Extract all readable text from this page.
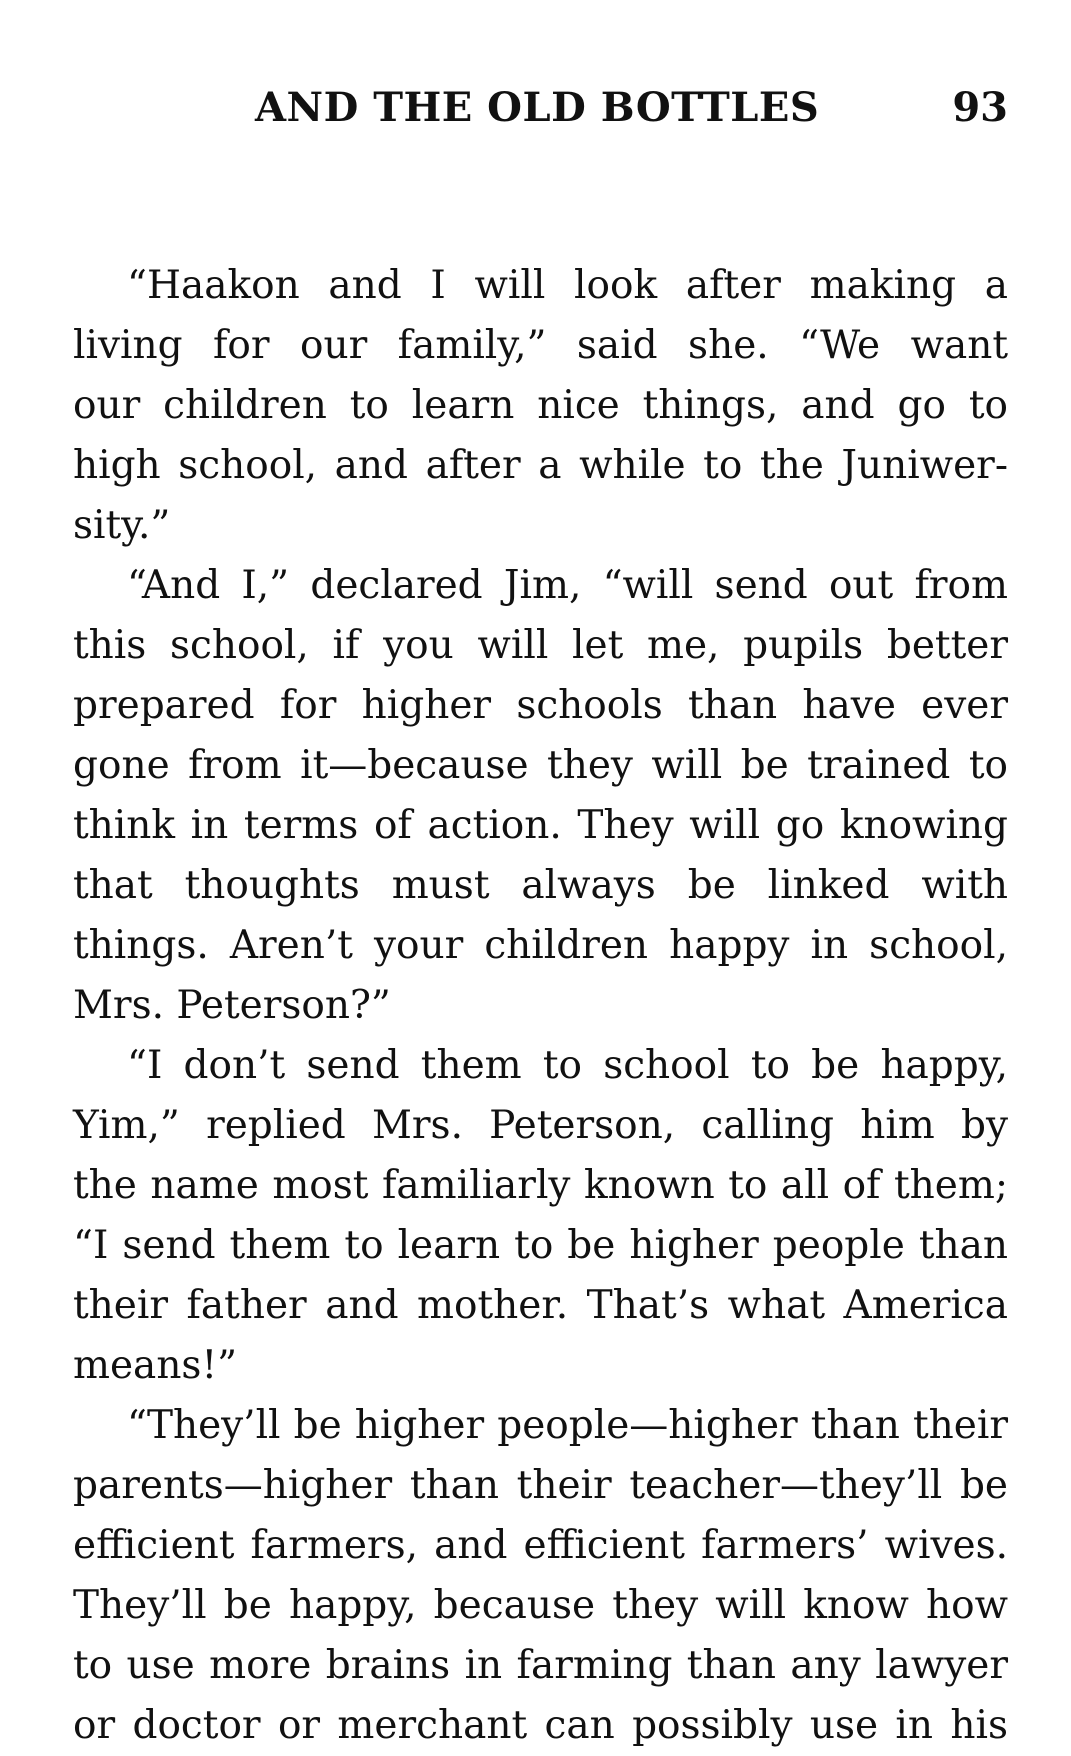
AND THE OLD BOTTLES	93
“Haakon and I will look after making a
living for our family,” said she. “We want
our children to learn nice things, and go to
high school, and after a while to the Juniwer-
sity.”
“And I,” declared Jim, “will send out from
this school, if you will let me, pupils better
prepared for higher schools than have ever
gone from it—because they will be trained to
think in terms of action. They will go knowing
that thoughts must always be linked with
things. Aren’t your children happy in school,
Mrs. Peterson?”
“I don’t send them to school to be happy,
Yim,” replied Mrs. Peterson, calling him by
the name most familiarly known to all of them;
“I send them to learn to be higher people than
their father and mother. That’s what America
means!”
“They’ll be higher people—higher than their
parents—higher than their teacher—they’ll be
efficient farmers, and efficient farmers’ wives.
They’ll be happy, because they will know how
to use more brains in farming than any lawyer
or doctor or merchant can possibly use in his
